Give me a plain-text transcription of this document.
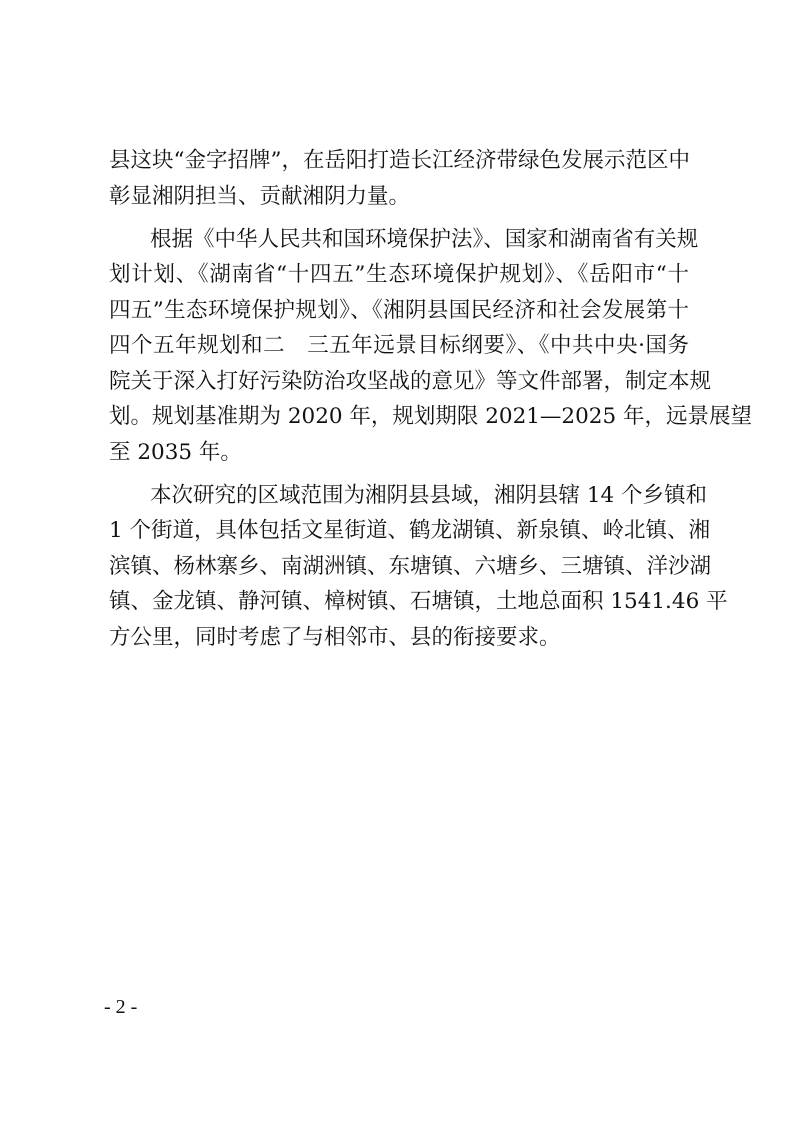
县这块“金字招牌”，在岳阳打造长江经济带绿色发展示范区中

彰显湘阴担当、贡献湘阴力量。

根据《中华人民共和国环境保护法》、国家和湖南省有关规

划计划、《湖南省“十四五”生态环境保护规划》、《岳阳市“十

四五”生态环境保护规划》、《湘阴县国民经济和社会发展第十

四个五年规划和二　三五年远景目标纲要》、《中共中央·国务

院关于深入打好污染防治攻坚战的意见》等文件部署，制定本规

划。规划基准期为 2020 年，规划期限 2021—2025 年，远景展望

至 2035 年。

本次研究的区域范围为湘阴县县域，湘阴县辖 14 个乡镇和

1 个街道，具体包括文星街道、鹤龙湖镇、新泉镇、岭北镇、湘

滨镇、杨林寨乡、南湖洲镇、东塘镇、六塘乡、三塘镇、洋沙湖

镇、金龙镇、静河镇、樟树镇、石塘镇，土地总面积 1541.46 平

方公里，同时考虑了与相邻市、县的衔接要求。

- 2 -
